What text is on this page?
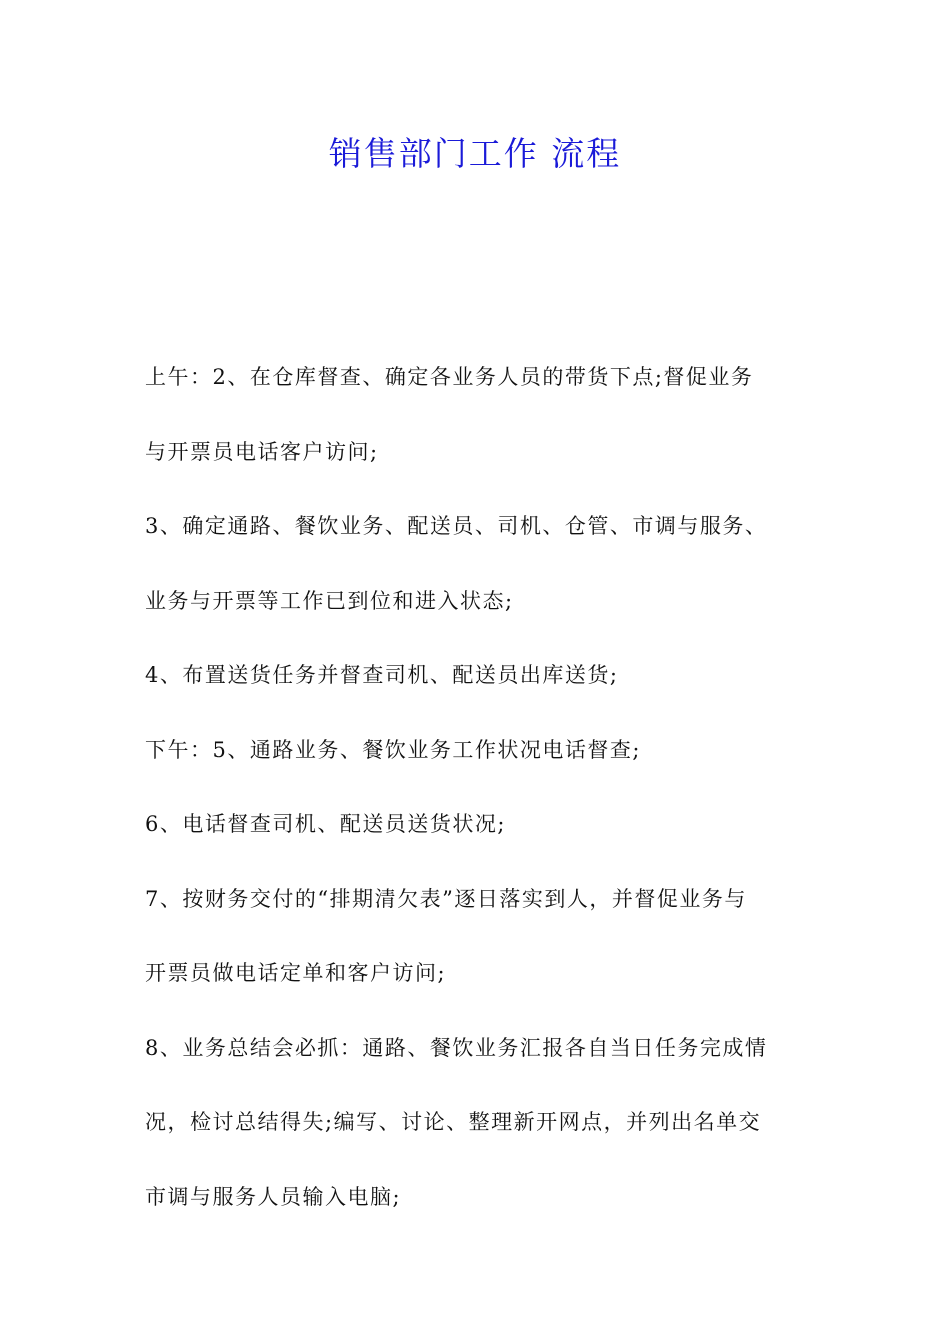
销售部门工作 流程

上午：2、在仓库督查、确定各业务人员的带货下点;督促业务

与开票员电话客户访问;

3、确定通路、餐饮业务、配送员、司机、仓管、市调与服务、

业务与开票等工作已到位和进入状态;

4、布置送货任务并督查司机、配送员出库送货;

下午：5、通路业务、餐饮业务工作状况电话督查;

6、电话督查司机、配送员送货状况;

7、按财务交付的“排期清欠表”逐日落实到人，并督促业务与

开票员做电话定单和客户访问;

8、业务总结会必抓：通路、餐饮业务汇报各自当日任务完成情

况，检讨总结得失;编写、讨论、整理新开网点，并列出名单交

市调与服务人员输入电脑;
